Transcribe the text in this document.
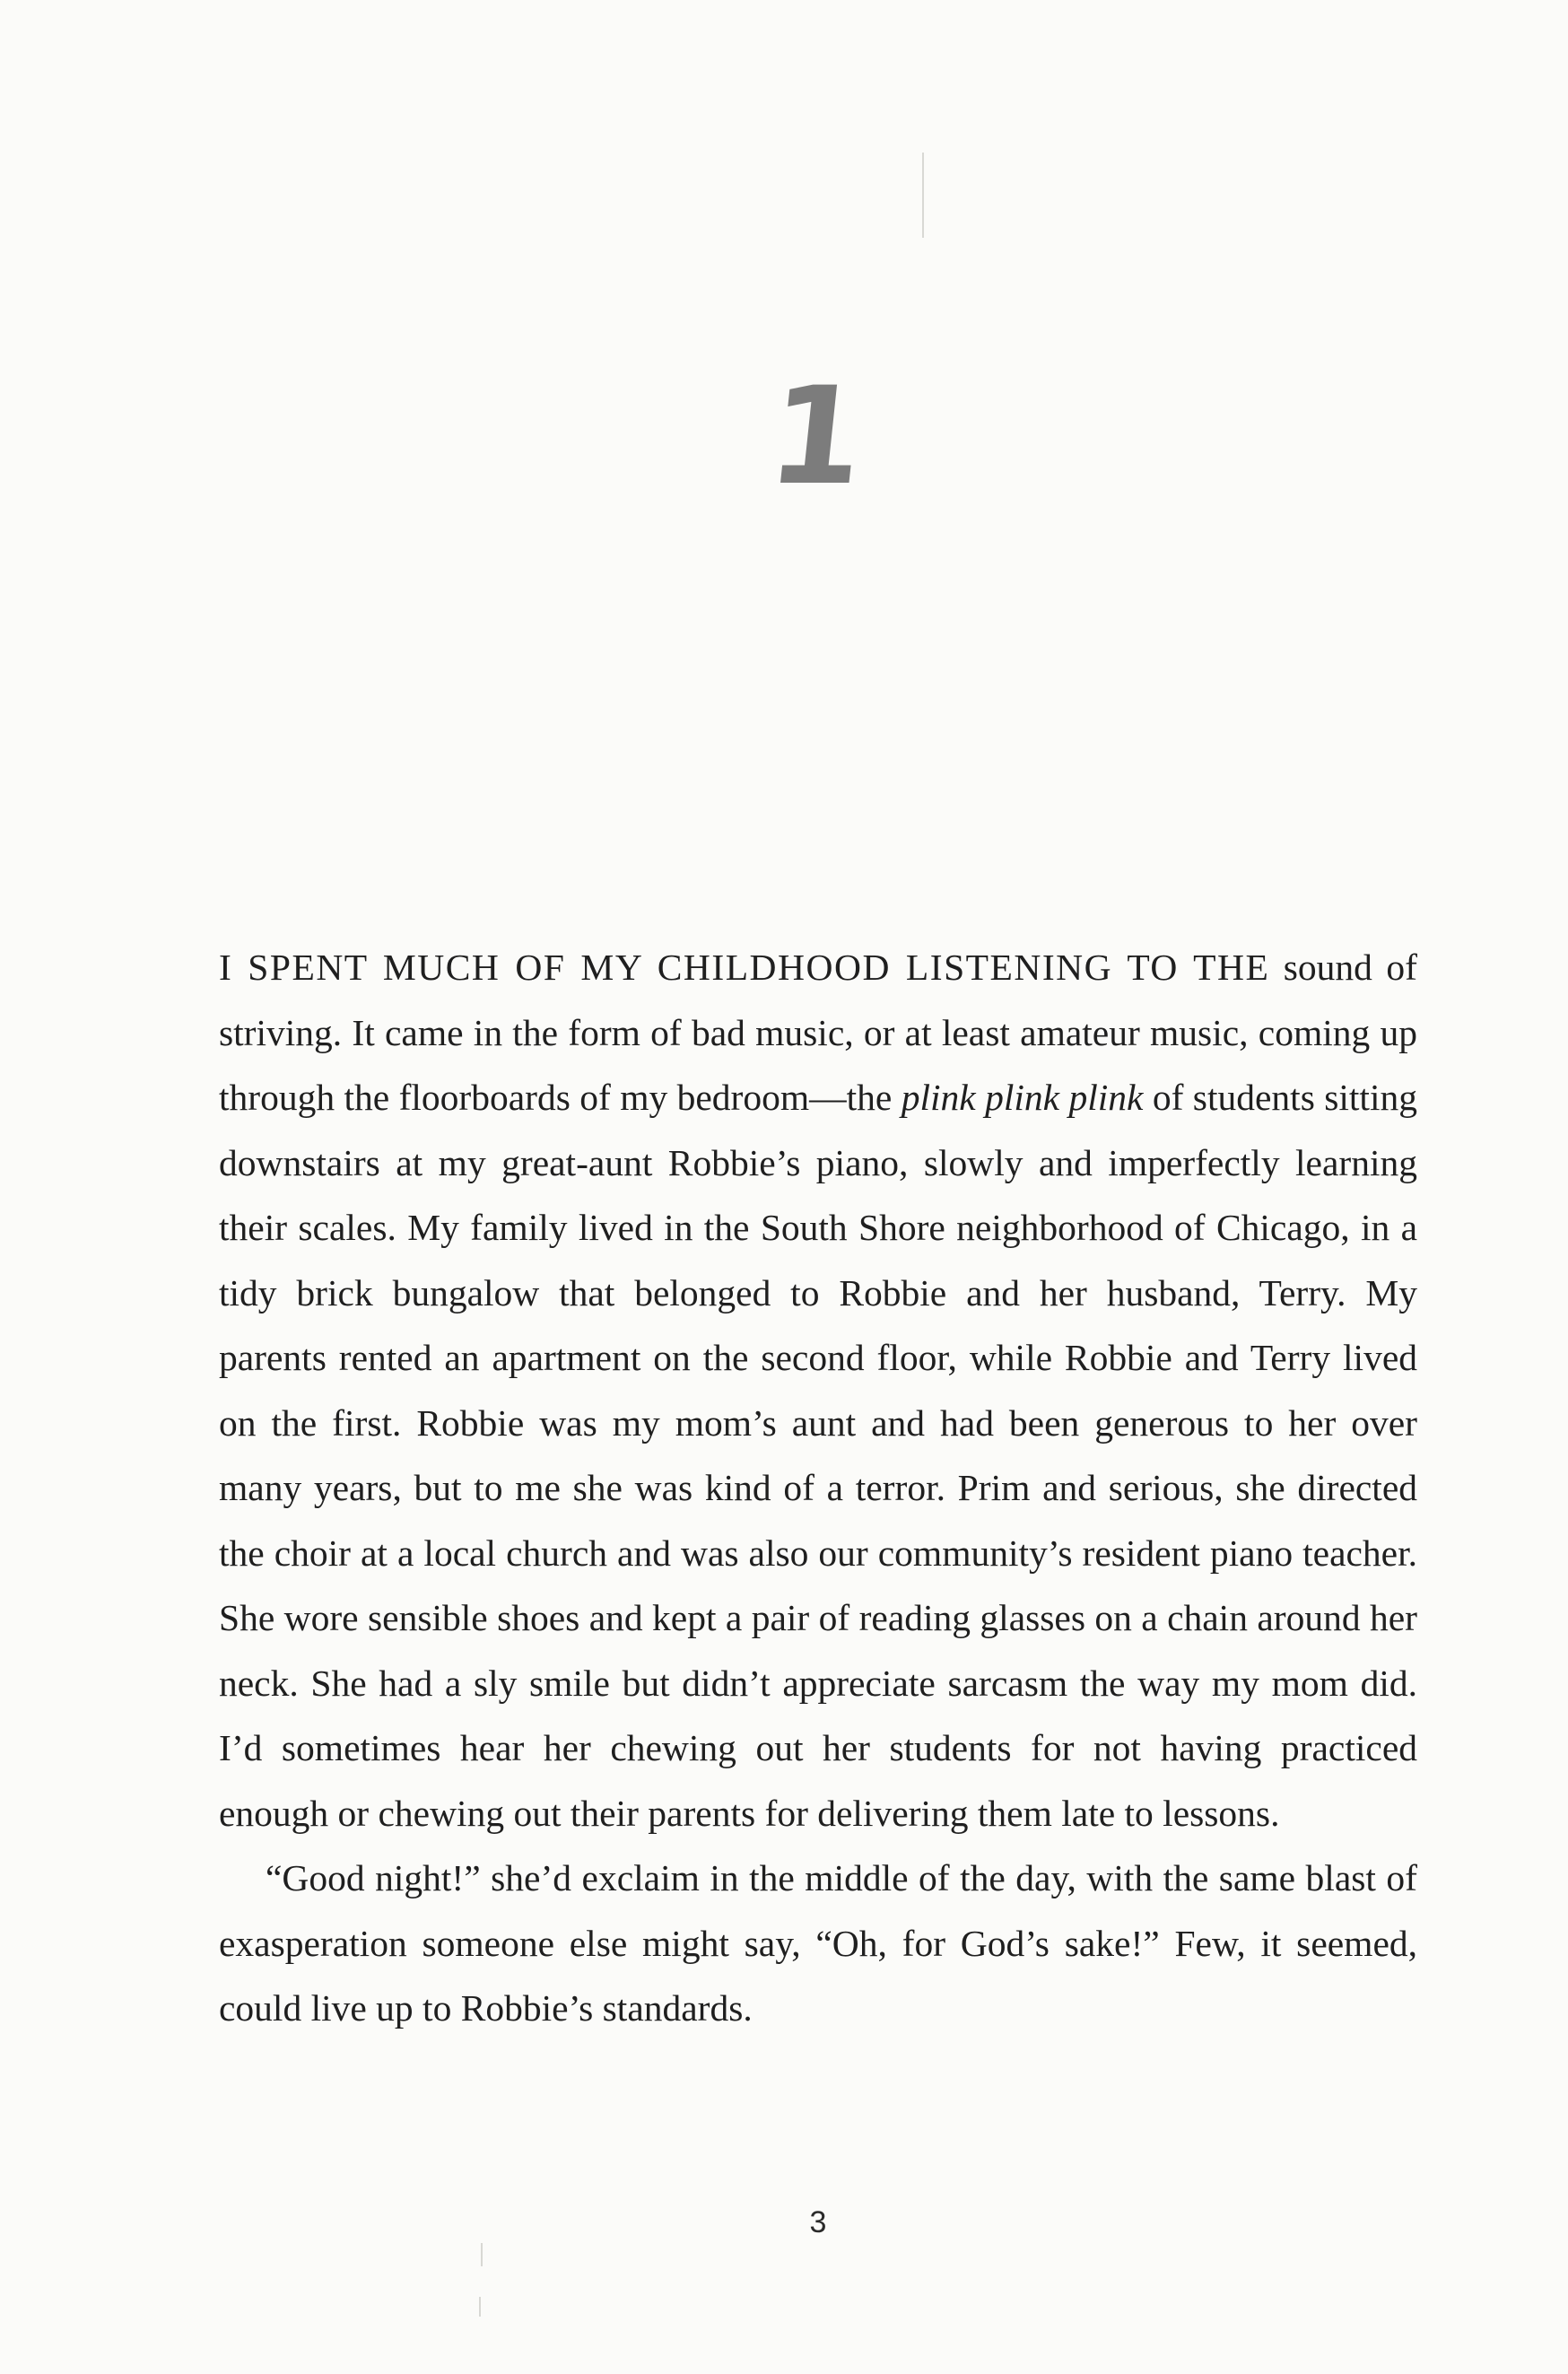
1

I SPENT MUCH OF MY CHILDHOOD LISTENING TO THE sound of striving. It came in the form of bad music, or at least amateur music, coming up through the floorboards of my bedroom—the plink plink plink of students sitting downstairs at my great-aunt Robbie’s piano, slowly and imperfectly learning their scales. My family lived in the South Shore neighborhood of Chicago, in a tidy brick bungalow that belonged to Robbie and her husband, Terry. My parents rented an apartment on the second floor, while Robbie and Terry lived on the first. Robbie was my mom’s aunt and had been generous to her over many years, but to me she was kind of a terror. Prim and serious, she directed the choir at a local church and was also our community’s resident piano teacher. She wore sensible shoes and kept a pair of reading glasses on a chain around her neck. She had a sly smile but didn’t appreciate sarcasm the way my mom did. I’d sometimes hear her chewing out her students for not having practiced enough or chewing out their parents for delivering them late to lessons.

“Good night!” she’d exclaim in the middle of the day, with the same blast of exasperation someone else might say, “Oh, for God’s sake!” Few, it seemed, could live up to Robbie’s standards.

3
